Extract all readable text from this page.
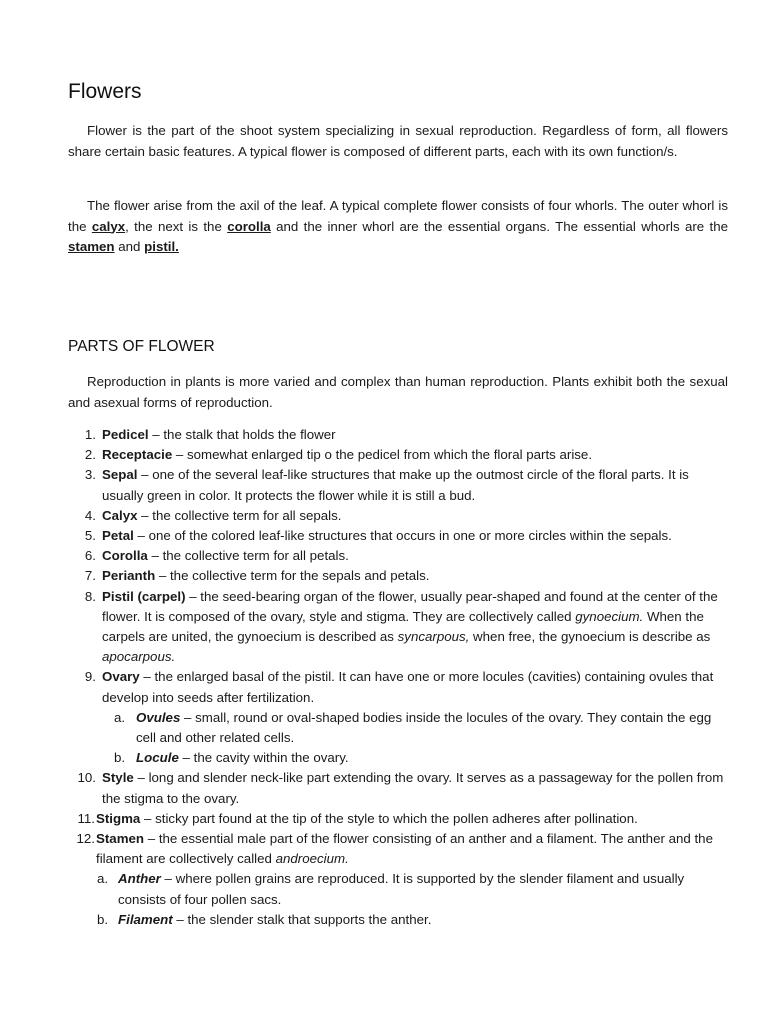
Flowers

Flower is the part of the shoot system specializing in sexual reproduction. Regardless of form, all flowers share certain basic features. A typical flower is composed of different parts, each with its own function/s.

The flower arise from the axil of the leaf. A typical complete flower consists of four whorls. The outer whorl is the calyx, the next is the corolla and the inner whorl are the essential organs. The essential whorls are the stamen and pistil.

PARTS OF FLOWER

Reproduction in plants is more varied and complex than human reproduction. Plants exhibit both the sexual and asexual forms of reproduction.

1. Pedicel – the stalk that holds the flower
2. Receptacie – somewhat enlarged tip o the pedicel from which the floral parts arise.
3. Sepal – one of the several leaf-like structures that make up the outmost circle of the floral parts. It is usually green in color. It protects the flower while it is still a bud.
4. Calyx – the collective term for all sepals.
5. Petal – one of the colored leaf-like structures that occurs in one or more circles within the sepals.
6. Corolla – the collective term for all petals.
7. Perianth – the collective term for the sepals and petals.
8. Pistil (carpel) – the seed-bearing organ of the flower, usually pear-shaped and found at the center of the flower. It is composed of the ovary, style and stigma. They are collectively called gynoecium. When the carpels are united, the gynoecium is described as syncarpous, when free, the gynoecium is describe as apocarpous.
9. Ovary – the enlarged basal of the pistil. It can have one or more locules (cavities) containing ovules that develop into seeds after fertilization.
a. Ovules – small, round or oval-shaped bodies inside the locules of the ovary. They contain the egg cell and other related cells.
b. Locule – the cavity within the ovary.
10. Style – long and slender neck-like part extending the ovary. It serves as a passageway for the pollen from the stigma to the ovary.
11. Stigma – sticky part found at the tip of the style to which the pollen adheres after pollination.
12. Stamen – the essential male part of the flower consisting of an anther and a filament. The anther and the filament are collectively called androecium.
a. Anther – where pollen grains are reproduced. It is supported by the slender filament and usually consists of four pollen sacs.
b. Filament – the slender stalk that supports the anther.
